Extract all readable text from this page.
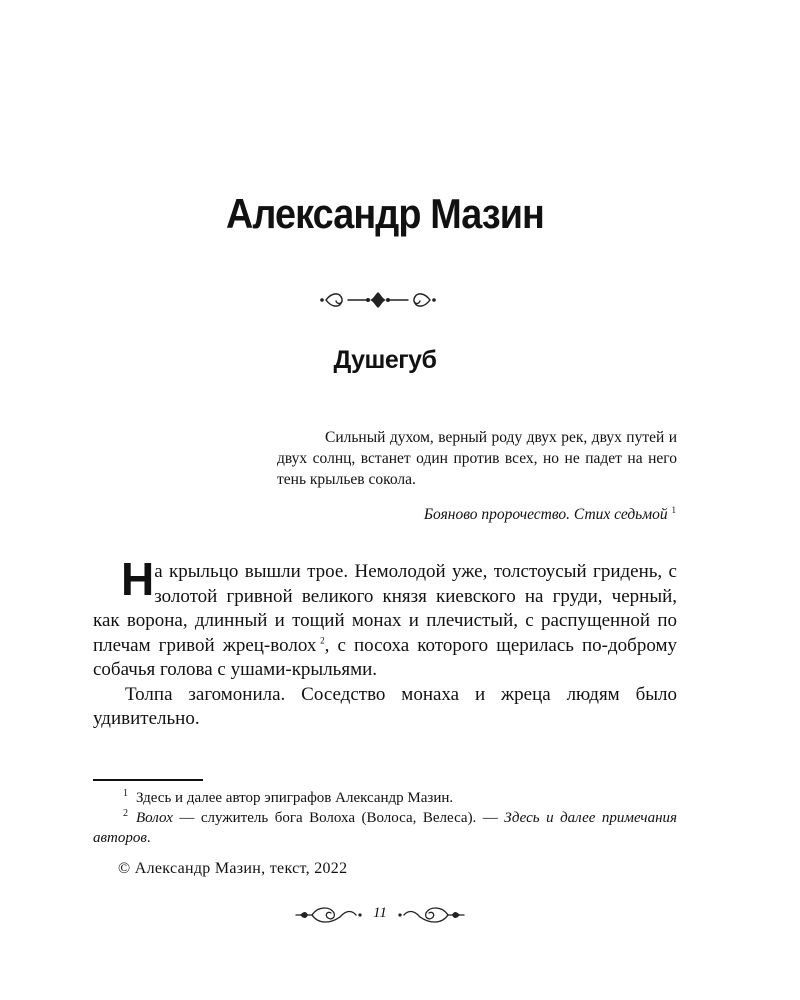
Александр Мазин
Душегуб
Сильный духом, верный роду двух рек, двух путей и двух солнц, встанет один против всех, но не падет на него тень крыльев сокола.
Бояново пророчество. Стих седьмой $^1$

На крыльцо вышли трое. Немолодой уже, толстоусый гридень, с золотой гривной великого князя киевского на груди, черный, как ворона, длинный и тощий монах и плечистый, с распущенной по плечам гривой жрец-волох  $^2$, с посоха которого щерилась по-доброму собачья голова с ушами-крыльями.

Толпа загомонила. Соседство монаха и жреца людям было удивительно.

$^1$ Здесь и далее автор эпиграфов Александр Мазин.

$^2$ Волох — служитель бога Волоха (Волоса, Велеса). — Здесь и далее примечания авторов.

© Александр Мазин, текст, 2022
11
